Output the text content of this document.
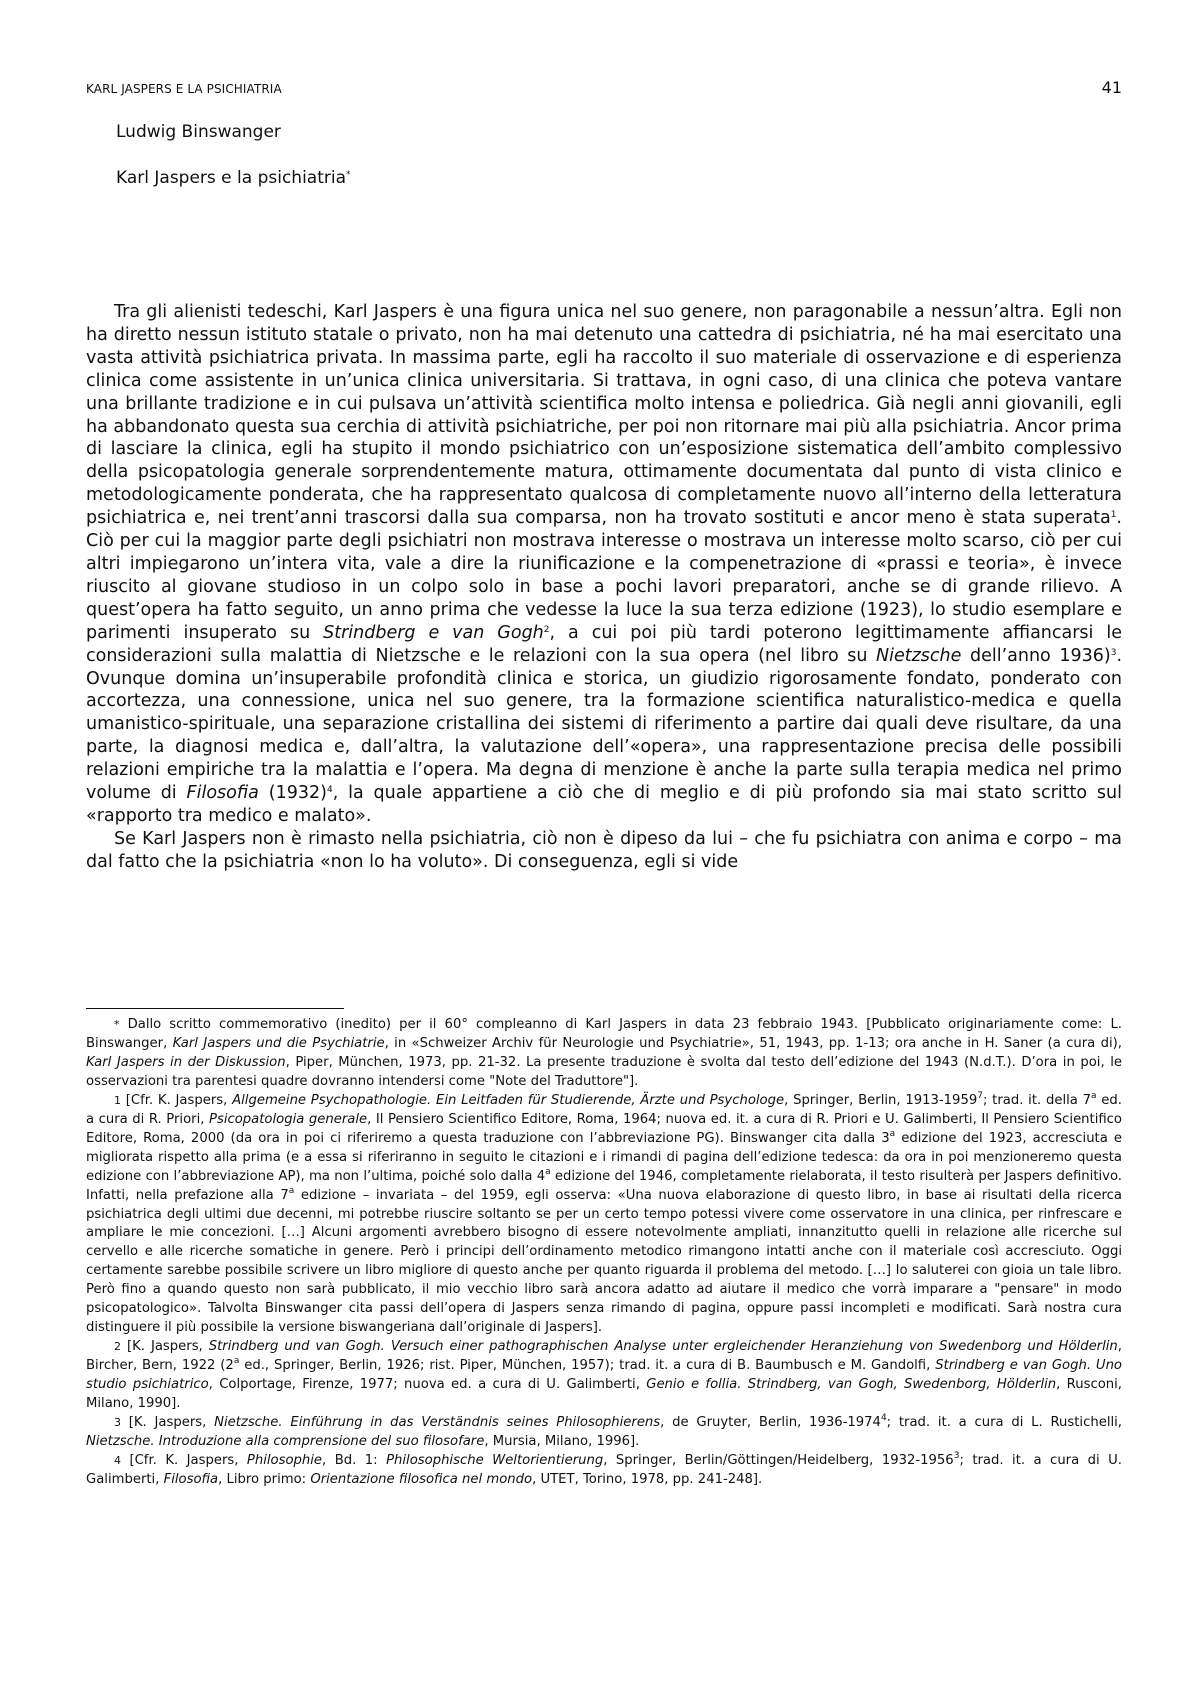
KARL JASPERS E LA PSICHIATRIA	41
Ludwig Binswanger
Karl Jaspers e la psichiatria*

Tra gli alienisti tedeschi, Karl Jaspers è una figura unica nel suo genere, non paragonabile a nessun’altra. Egli non ha diretto nessun istituto statale o privato, non ha mai detenuto una cattedra di psichiatria, né ha mai esercitato una vasta attività psichiatrica privata. In massima parte, egli ha raccolto il suo materiale di osservazione e di esperienza clinica come assistente in un’unica clinica universitaria. Si trattava, in ogni caso, di una clinica che poteva vantare una brillante tradizione e in cui pulsava un’attività scientifica molto intensa e poliedrica. Già negli anni giovanili, egli ha abbandonato questa sua cerchia di attività psichiatriche, per poi non ritornare mai più alla psichiatria. Ancor prima di lasciare la clinica, egli ha stupito il mondo psichiatrico con un’esposizione sistematica dell’ambito complessivo della psicopatologia generale sorprendentemente matura, ottimamente documentata dal punto di vista clinico e metodologicamente ponderata, che ha rappresentato qualcosa di completamente nuovo all’interno della letteratura psichiatrica e, nei trent’anni trascorsi dalla sua comparsa, non ha trovato sostituti e ancor meno è stata superata$^1$. Ciò per cui la maggior parte degli psichiatri non mostrava interesse o mostrava un interesse molto scarso, ciò per cui altri impiegarono un’intera vita, vale a dire la riunificazione e la compenetrazione di «prassi e teoria», è invece riuscito al giovane studioso in un colpo solo in base a pochi lavori preparatori, anche se di grande rilievo. A quest’opera ha fatto seguito, un anno prima che vedesse la luce la sua terza edizione (1923), lo studio esemplare e parimenti insuperato su Strindberg e van Gogh$^2$, a cui poi più tardi poterono legittimamente affiancarsi le considerazioni sulla malattia di Nietzsche e le relazioni con la sua opera (nel libro su Nietzsche dell’anno 1936)$^3$. Ovunque domina un’insuperabile profondità clinica e storica, un giudizio rigorosamente fondato, ponderato con accortezza, una connessione, unica nel suo genere, tra la formazione scientifica naturalistico-medica e quella umanistico-spirituale, una separazione cristallina dei sistemi di riferimento a partire dai quali deve risultare, da una parte, la diagnosi medica e, dall’altra, la valutazione dell’«opera», una rappresentazione precisa delle possibili relazioni empiriche tra la malattia e l’opera. Ma degna di menzione è anche la parte sulla terapia medica nel primo volume di Filosofia $(1932)^4$, la quale appartiene a ciò che di meglio e di più profondo sia mai stato scritto sul «rapporto tra medico e malato».

Se Karl Jaspers non è rimasto nella psichiatria, ciò non è dipeso da lui – che fu psichiatra con anima e corpo – ma dal fatto che la psichiatria «non lo ha voluto». Di conseguenza, egli si vide

* Dallo scritto commemorativo (inedito) per il 60° compleanno di Karl Jaspers in data 23 febbraio 1943. [Pubblicato originariamente come: L. Binswanger, Karl Jaspers und die Psychiatrie, in «Schweizer Archiv für Neurologie und Psychiatrie», 51, 1943, pp. 1-13; ora anche in H. Saner (a cura di), Karl Jaspers in der Diskussion, Piper, München, 1973, pp. 21-32. La presente traduzione è svolta dal testo dell’edizione del 1943 (N.d.T.). D’ora in poi, le osservazioni tra parentesi quadre dovranno intendersi come "Note del Traduttore"].

1 [Cfr. K. Jaspers, Allgemeine Psychopathologie. Ein Leitfaden für Studierende, Ärzte und Psychologe, Springer, Berlin, 1913-1959$^7$; trad. it. della 7$^a$ ed. a cura di R. Priori, Psicopatologia generale, Il Pensiero Scientifico Editore, Roma, 1964; nuova ed. it. a cura di R. Priori e U. Galimberti, Il Pensiero Scientifico Editore, Roma, 2000 (da ora in poi ci riferiremo a questa traduzione con l’abbreviazione PG). Binswanger cita dalla 3$^a$ edizione del 1923, accresciuta e migliorata rispetto alla prima (e a essa si riferiranno in seguito le citazioni e i rimandi di pagina dell’edizione tedesca: da ora in poi menzioneremo questa edizione con l’abbreviazione AP), ma non l’ultima, poiché solo dalla 4$^a$ edizione del 1946, completamente rielaborata, il testo risulterà per Jaspers definitivo. Infatti, nella prefazione alla 7$^a$ edizione – invariata – del 1959, egli osserva: «Una nuova elaborazione di questo libro, in base ai risultati della ricerca psichiatrica degli ultimi due decenni, mi potrebbe riuscire soltanto se per un certo tempo potessi vivere come osservatore in una clinica, per rinfrescare e ampliare le mie concezioni. […] Alcuni argomenti avrebbero bisogno di essere notevolmente ampliati, innanzitutto quelli in relazione alle ricerche sul cervello e alle ricerche somatiche in genere. Però i principi dell’ordinamento metodico rimangono intatti anche con il materiale così accresciuto. Oggi certamente sarebbe possibile scrivere un libro migliore di questo anche per quanto riguarda il problema del metodo. […] Io saluterei con gioia un tale libro. Però fino a quando questo non sarà pubblicato, il mio vecchio libro sarà ancora adatto ad aiutare il medico che vorrà imparare a "pensare" in modo psicopatologico». Talvolta Binswanger cita passi dell’opera di Jaspers senza rimando di pagina, oppure passi incompleti e modificati. Sarà nostra cura distinguere il più possibile la versione biswangeriana dall’originale di Jaspers].

2 [K. Jaspers, Strindberg und van Gogh. Versuch einer pathographischen Analyse unter ergleichender Heranziehung von Swedenborg und Hölderlin, Bircher, Bern, 1922 (2$^a$ ed., Springer, Berlin, 1926; rist. Piper, München, 1957); trad. it. a cura di B. Baumbusch e M. Gandolfi, Strindberg e van Gogh. Uno studio psichiatrico, Colportage, Firenze, 1977; nuova ed. a cura di U. Galimberti, Genio e follia. Strindberg, van Gogh, Swedenborg, Hölderlin, Rusconi, Milano, 1990].

3 [K. Jaspers, Nietzsche. Einführung in das Verständnis seines Philosophierens, de Gruyter, Berlin, 1936-1974$^4$; trad. it. a cura di L. Rustichelli, Nietzsche. Introduzione alla comprensione del suo filosofare, Mursia, Milano, 1996].

4 [Cfr. K. Jaspers, Philosophie, Bd. 1: Philosophische Weltorientierung, Springer, Berlin/Göttingen/Heidelberg, 1932-1956$^3$; trad. it. a cura di U. Galimberti, Filosofia, Libro primo: Orientazione filosofica nel mondo, UTET, Torino, 1978, pp. 241-248].
